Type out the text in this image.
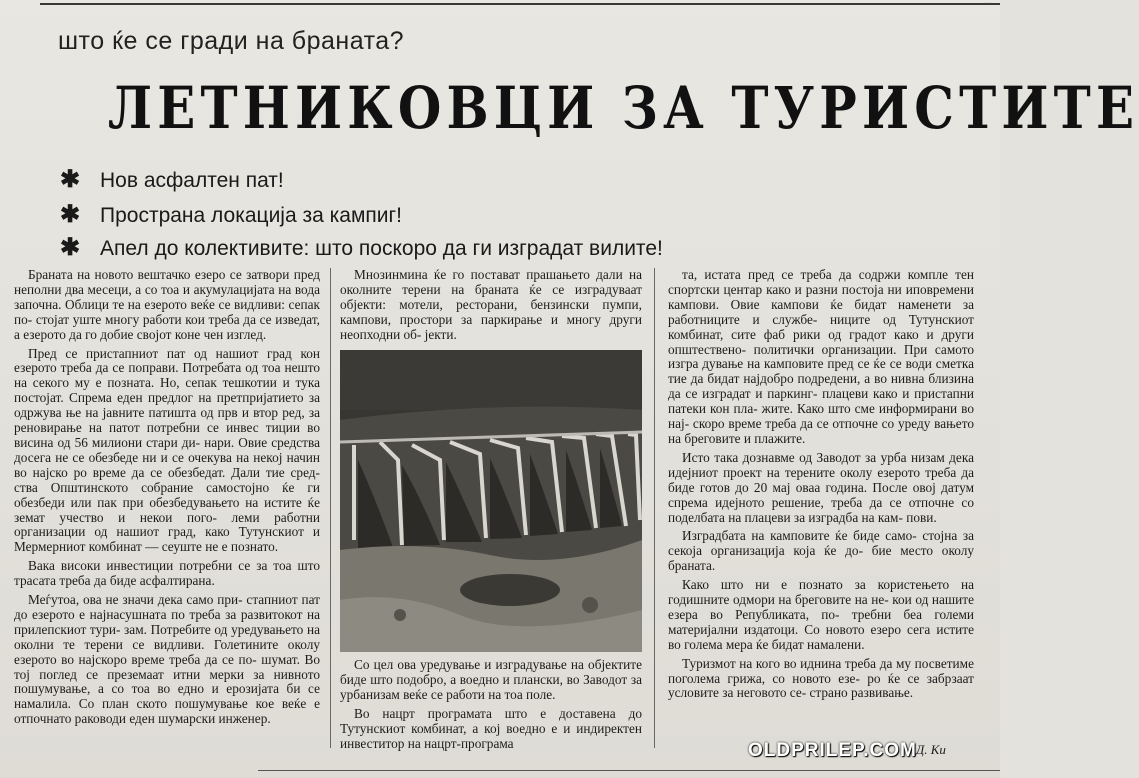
...
што ќе се гради на браната?
ЛЕТНИКОВЦИ ЗА ТУРИСТИТЕ
✱ Нов асфалтен пат!
✱ Пространа локација за кампиг!
✱ Апел до колективите: што поскоро да ги изградат вилите!

Браната на новото вештачко езеро се затвори пред неполни два месеци, а со тоа и акумулацијата на вода започна. Облици те на езерото веќе се видливи: сепак по- стојат уште многу работи кои треба да се изведат, а езерото да го добие својот коне чен изглед.

Пред се пристапниот пат од нашиот град кон езерото треба да се поправи. Потребата од тоа нешто на секого му е позната. Но, сепак тешкотии и тука постојат. Спрема еден предлог на претпријатието за одржува ње на јавните патишта од прв и втор ред, за реновирање на патот потребни се инвес тиции во висина од 56 милиони стари ди- нари. Овие средства досега не се обезбеде ни и се очекува на некој начин во најско ро време да се обезбедат. Дали тие сред- ства Општинското собрание самостојно ќе ги обезбеди или пак при обезбедувањето на истите ќе земат учество и некои пого- леми работни организации од нашиот град, како Тутунскиот и Мермерниот комбинат — сеуште не е познато.

Вака високи инвестиции потребни се за тоа што трасата треба да биде асфалтирана.

Меѓутоа, ова не значи дека само при- стапниот пат до езерото е најнасушната по треба за развитокот на прилепскиот тури- зам. Потребите од уредувањето на околни те терени се видливи. Голетините околу езерото во најскоро време треба да се по- шумат. Во тој поглед се преземаат итни мерки за нивното пошумување, а со тоа во едно и ерозијата би се намалила. Со план ското пошумување кое веќе е отпочнато раководи еден шумарски инженер.

Мнозинмина ќе го постават прашањето дали на околните терени на браната ќе се изградуваат објекти: мотели, ресторани, бензински пумпи, кампови, простори за паркирање и многу други неопходни об- јекти.

Со цел ова уредување и изградување на објектите биде што подобро, а воедно и плански, во Заводот за урбанизам веќе се работи на тоа поле.

Во нацрт програмата што е доставена до Тутунскиот комбинат, а кој воедно е и индиректен инвеститор на нацрт-програма

та, истата пред се треба да содржи компле тен спортски центар како и разни постоја ни иповремени кампови. Овие кампови ќе бидат наменети за работниците и службе- ниците од Тутунскиот комбинат, сите фаб рики од градот како и други општествено- политички организации. При самото изгра дување на кампoвите пред се ќе се води сметка тие да бидат најдобро подредени, а во нивна близина да се изградат и паркинг- плацеви како и пристапни патеки кон пла- жите. Како што сме информирани во нај- скоро време треба да се отпочне со уреду вањето на бреговите и плажите.

Исто така дознавме од Заводот за урба низам дека идејниот проект на терените околу езерото треба да биде готов до 20 мај оваа година. После овој датум спрема идејното решение, треба да се отпочне со поделбата на плацеви за изградба на кам- пови.

Изградбата на камповите ќе биде само- стојна за секоја организација која ќе до- бие место околу браната.

Како што ни е познато за користењето на годишните одмори на бреговите на не- кои од нашите езера во Републиката, по- требни беа големи материјални издатоци. Со новото езеро сега истите во голема мера ќе бидат намалени.

Туризмот на кого во иднина треба да му посветиме поголема грижа, со новото езе- ро ќе се забрзаат условите за неговото се- страно развивање.

Д. Ки
OLDPRILEP.COM
